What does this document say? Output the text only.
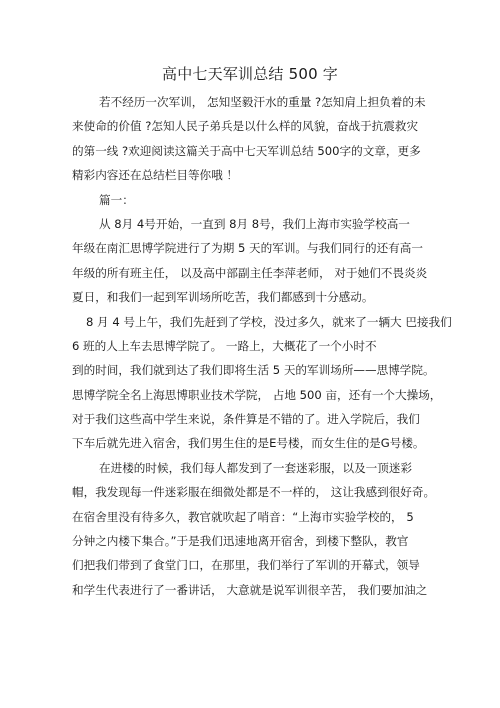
高中七天军训总结 500 字
若不经历一次军训， 怎知坚毅汗水的重量 ?怎知肩上担负着的未
来使命的价值 ?怎知人民子弟兵是以什么样的风貌，奋战于抗震救灾
的第一线 ?欢迎阅读这篇关于高中七天军训总结 500字的文章，更多
精彩内容还在总结栏目等你哦 ！
篇一：
从 8月 4号开始，一直到 8月 8号，我们上海市实验学校高一
年级在南汇思博学院进行了为期 5 天的军训。与我们同行的还有高一
年级的所有班主任， 以及高中部副主任李萍老师， 对于她们不畏炎炎
夏日，和我们一起到军训场所吃苦，我们都感到十分感动。
8 月 4 号上午，我们先赶到了学校，没过多久，就来了一辆大 巴接我们
6 班的人上车去思博学院了。 一路上，大概花了一个小时不
到的时间，我们就到达了我们即将生活 5 天的军训场所——思博学院。
思博学院全名上海思博职业技术学院， 占地 500 亩，还有一个大操场，
对于我们这些高中学生来说，条件算是不错的了。进入学院后，我们
下车后就先进入宿舍，我们男生住的是E号楼，而女生住的是G号楼。
在进楼的时候，我们每人都发到了一套迷彩服，以及一顶迷彩
帽，我发现每一件迷彩服在细微处都是不一样的， 这让我感到很好奇。
在宿舍里没有待多久，教官就吹起了哨音：“上海市实验学校的， 5
分钟之内楼下集合。”于是我们迅速地离开宿舍，到楼下整队，教官
们把我们带到了食堂门口，在那里，我们举行了军训的开幕式，领导
和学生代表进行了一番讲话， 大意就是说军训很辛苦， 我们要加油之
